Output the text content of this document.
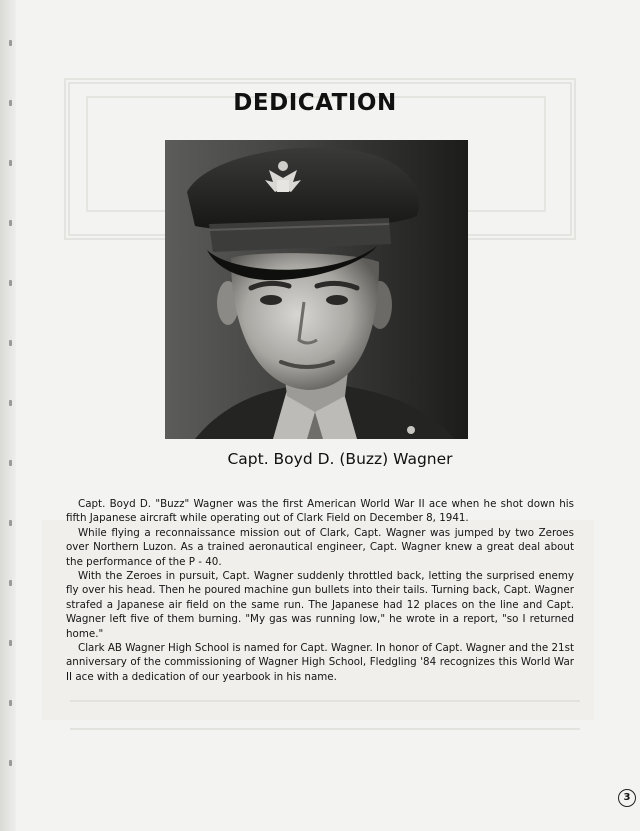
DEDICATION
Capt. Boyd D. (Buzz) Wagner

Capt. Boyd D. "Buzz" Wagner was the first American World War II ace when he shot down his fifth Japanese aircraft while operating out of Clark Field on December 8, 1941.

While flying a reconnaissance mission out of Clark, Capt. Wagner was jumped by two Zeroes over Northern Luzon. As a trained aeronautical engineer, Capt. Wagner knew a great deal about the performance of the P - 40.

With the Zeroes in pursuit, Capt. Wagner suddenly throttled back, letting the surprised enemy fly over his head. Then he poured machine gun bullets into their tails. Turning back, Capt. Wagner strafed a Japanese air field on the same run. The Japanese had 12 places on the line and Capt. Wagner left five of them burning. "My gas was running low," he wrote in a report, "so I returned home."

Clark AB Wagner High School is named for Capt. Wagner. In honor of Capt. Wagner and the 21st anniversary of the commissioning of Wagner High School, Fledgling '84 recognizes this World War II ace with a dedication of our yearbook in his name.

3
